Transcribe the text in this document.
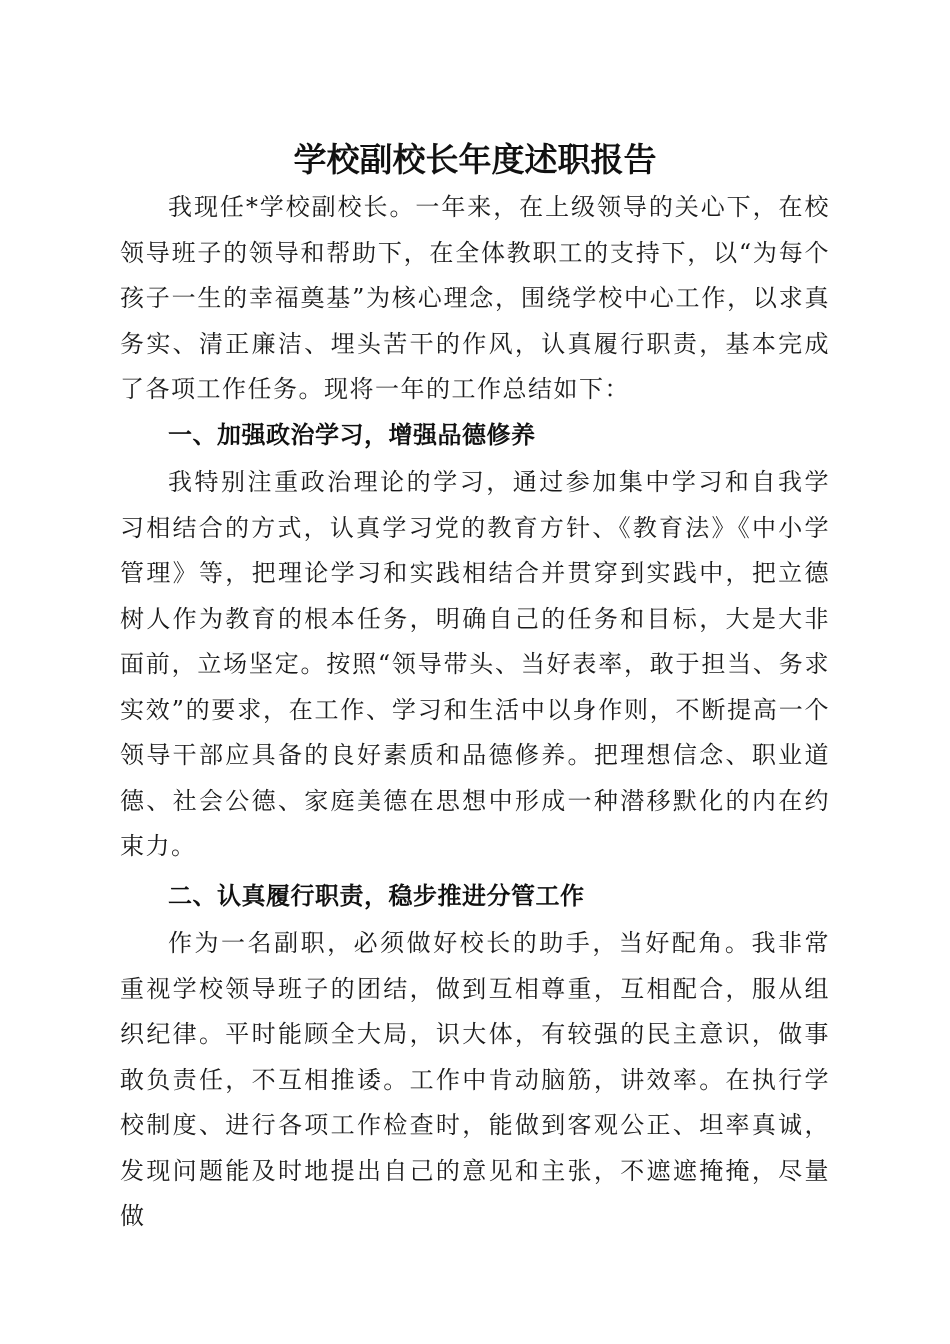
学校副校长年度述职报告

我现任*学校副校长。一年来，在上级领导的关心下，在校领导班子的领导和帮助下，在全体教职工的支持下，以“为每个孩子一生的幸福奠基”为核心理念，围绕学校中心工作，以求真务实、清正廉洁、埋头苦干的作风，认真履行职责，基本完成了各项工作任务。现将一年的工作总结如下：

一、加强政治学习，增强品德修养

我特别注重政治理论的学习，通过参加集中学习和自我学习相结合的方式，认真学习党的教育方针、《教育法》《中小学管理》等，把理论学习和实践相结合并贯穿到实践中，把立德树人作为教育的根本任务，明确自己的任务和目标，大是大非面前，立场坚定。按照“领导带头、当好表率，敢于担当、务求实效”的要求，在工作、学习和生活中以身作则，不断提高一个领导干部应具备的良好素质和品德修养。把理想信念、职业道德、社会公德、家庭美德在思想中形成一种潜移默化的内在约束力。

二、认真履行职责，稳步推进分管工作

作为一名副职，必须做好校长的助手，当好配角。我非常重视学校领导班子的团结，做到互相尊重，互相配合，服从组织纪律。平时能顾全大局，识大体，有较强的民主意识，做事敢负责任，不互相推诿。工作中肯动脑筋，讲效率。在执行学校制度、进行各项工作检查时，能做到客观公正、坦率真诚，发现问题能及时地提出自己的意见和主张，不遮遮掩掩，尽量做
